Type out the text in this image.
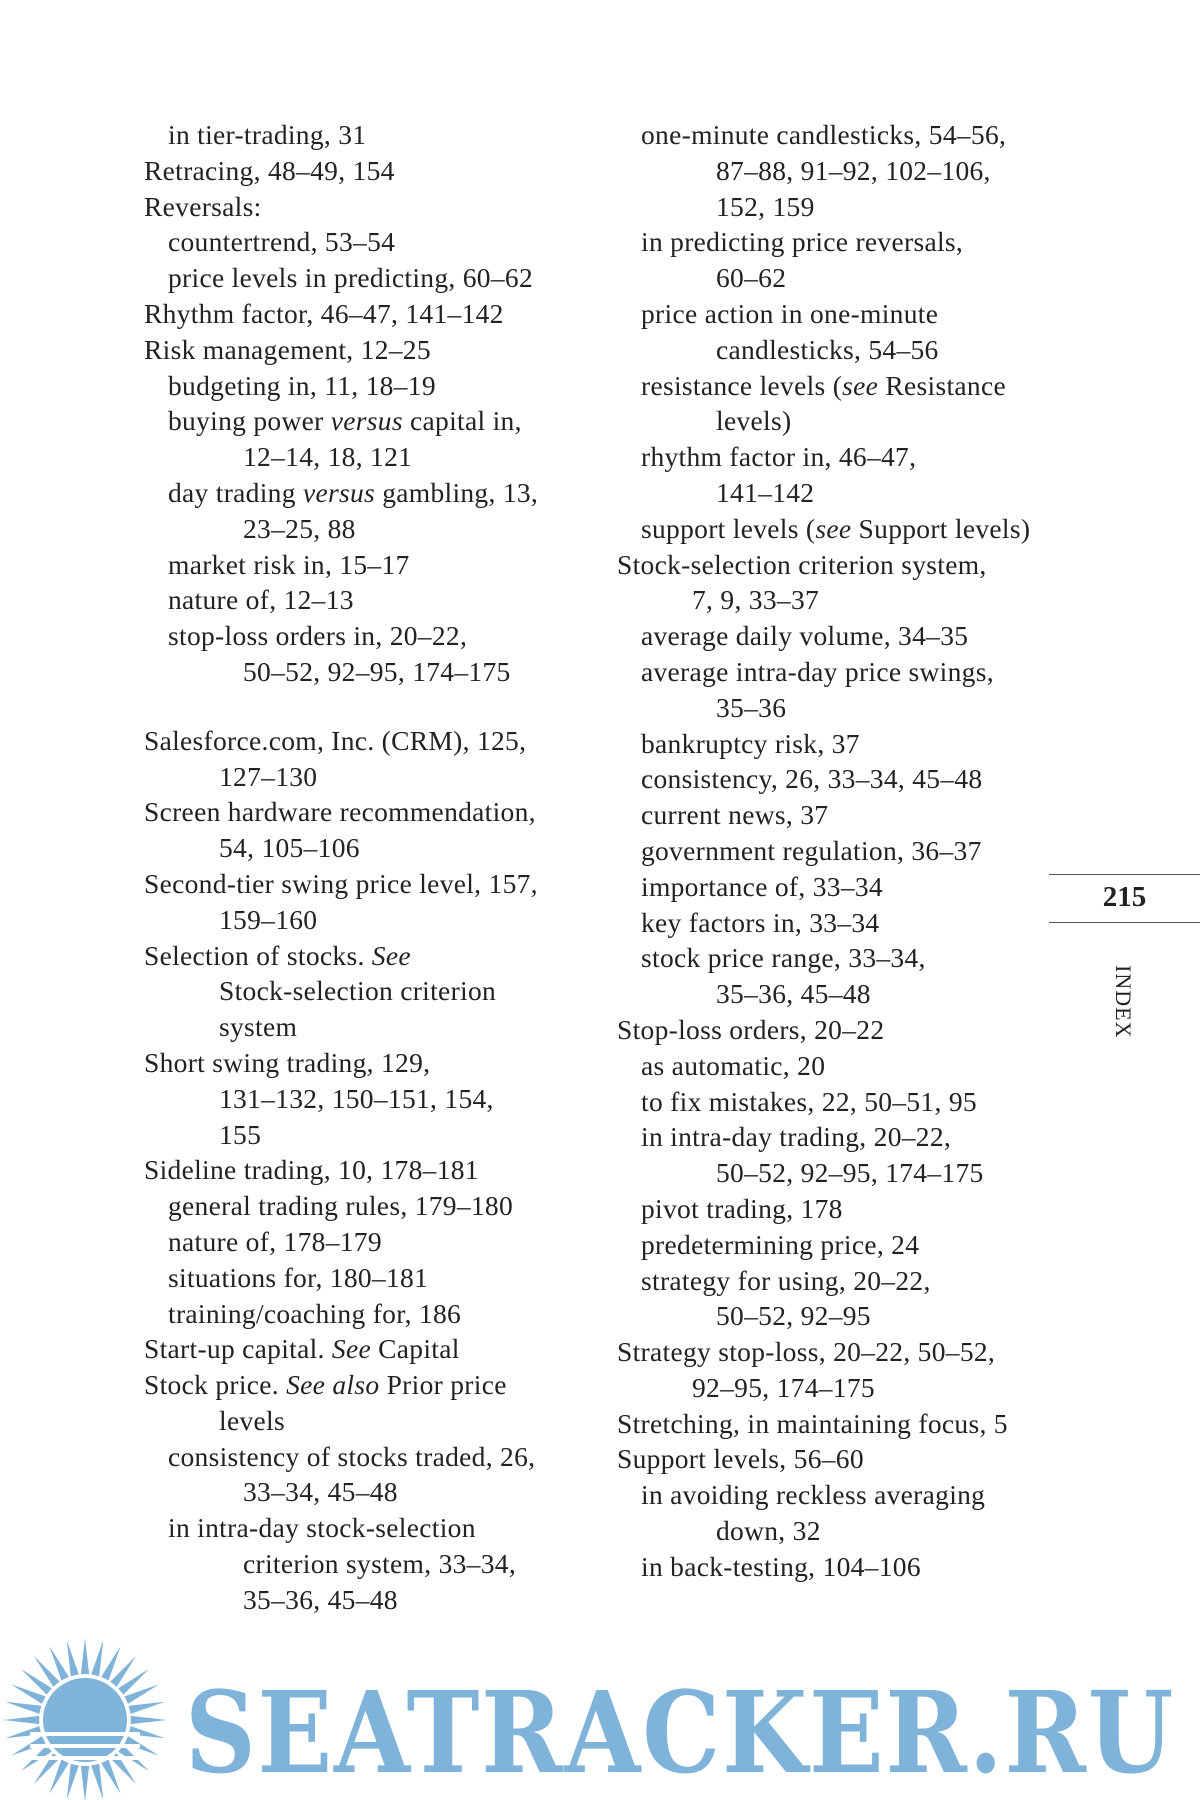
in tier-trading, 31
Retracing, 48–49, 154
Reversals:
countertrend, 53–54
price levels in predicting, 60–62
Rhythm factor, 46–47, 141–142
Risk management, 12–25
budgeting in, 11, 18–19
buying power versus capital in,
12–14, 18, 121
day trading versus gambling, 13,
23–25, 88
market risk in, 15–17
nature of, 12–13
stop-loss orders in, 20–22,
50–52, 92–95, 174–175
Salesforce.com, Inc. (CRM), 125,
127–130
Screen hardware recommendation,
54, 105–106
Second-tier swing price level, 157,
159–160
Selection of stocks. See
Stock-selection criterion
system
Short swing trading, 129,
131–132, 150–151, 154,
155
Sideline trading, 10, 178–181
general trading rules, 179–180
nature of, 178–179
situations for, 180–181
training/coaching for, 186
Start-up capital. See Capital
Stock price. See also Prior price
levels
consistency of stocks traded, 26,
33–34, 45–48
in intra-day stock-selection
criterion system, 33–34,
35–36, 45–48
one-minute candlesticks, 54–56,
87–88, 91–92, 102–106,
152, 159
in predicting price reversals,
60–62
price action in one-minute
candlesticks, 54–56
resistance levels (see Resistance
levels)
rhythm factor in, 46–47,
141–142
support levels (see Support levels)
Stock-selection criterion system,
7, 9, 33–37
average daily volume, 34–35
average intra-day price swings,
35–36
bankruptcy risk, 37
consistency, 26, 33–34, 45–48
current news, 37
government regulation, 36–37
importance of, 33–34
key factors in, 33–34
stock price range, 33–34,
35–36, 45–48
Stop-loss orders, 20–22
as automatic, 20
to fix mistakes, 22, 50–51, 95
in intra-day trading, 20–22,
50–52, 92–95, 174–175
pivot trading, 178
predetermining price, 24
strategy for using, 20–22,
50–52, 92–95
Strategy stop-loss, 20–22, 50–52,
92–95, 174–175
Stretching, in maintaining focus, 5
Support levels, 56–60
in avoiding reckless averaging
down, 32
in back-testing, 104–106
215
INDEX
SEATRACKER.RU
